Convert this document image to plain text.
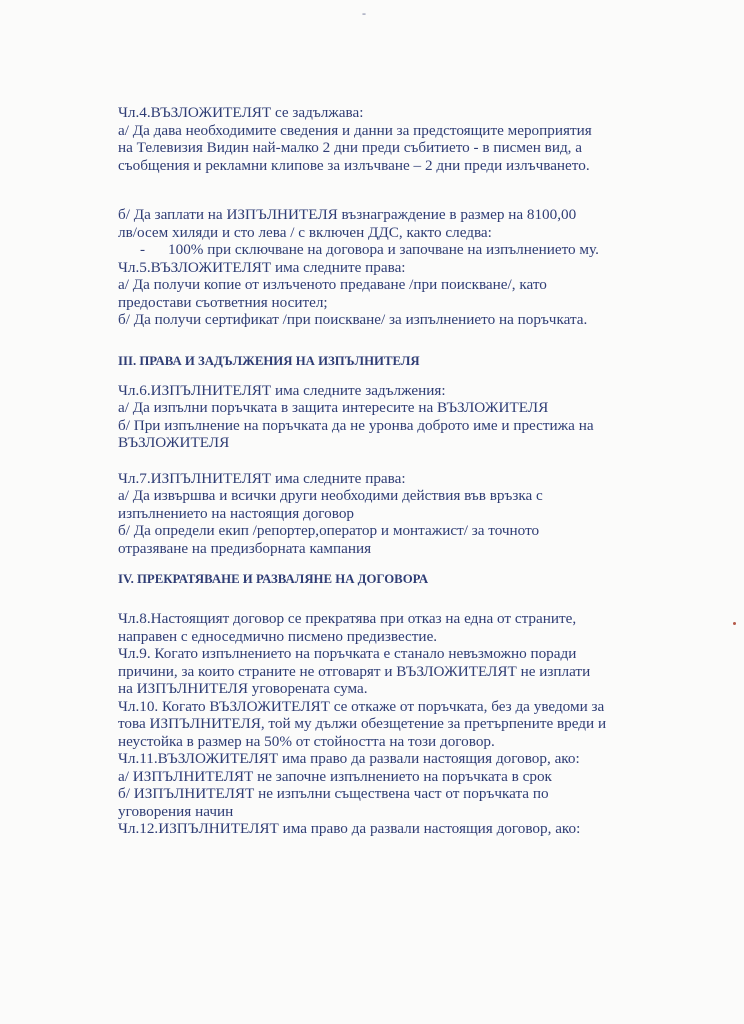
-
Чл.4.ВЪЗЛОЖИТЕЛЯТ се задължава:
а/ Да дава необходимите сведения и данни за предстоящите мероприятия
на Телевизия Видин най-малко 2 дни преди събитието - в писмен вид, а
съобщения и рекламни клипове за излъчване – 2 дни преди излъчването.
б/ Да заплати на ИЗПЪЛНИТЕЛЯ възнаграждение в размер на 8100,00
лв/осем хиляди и сто лева / с включен ДДС, както следва:
- 100% при сключване на договора и започване на изпълнението му.
Чл.5.ВЪЗЛОЖИТЕЛЯТ има следните права:
а/ Да получи копие от излъченото предаване /при поискване/, като
предостави съответния носител;
б/ Да получи сертификат /при поискване/ за изпълнението на поръчката.
III. ПРАВА И ЗАДЪЛЖЕНИЯ НА ИЗПЪЛНИТЕЛЯ
Чл.6.ИЗПЪЛНИТЕЛЯТ има следните задължения:
а/ Да изпълни поръчката в защита интересите на ВЪЗЛОЖИТЕЛЯ
б/ При изпълнение на поръчката да не уронва доброто име и престижа на
ВЪЗЛОЖИТЕЛЯ
Чл.7.ИЗПЪЛНИТЕЛЯТ има следните права:
а/ Да извършва и всички други необходими действия във връзка с
изпълнението на настоящия договор
б/ Да определи екип /репортер,оператор и монтажист/ за точното
отразяване на предизборната кампания
IV. ПРЕКРАТЯВАНЕ И РАЗВАЛЯНЕ НА ДОГОВОРА
Чл.8.Настоящият договор се прекратява при отказ на една от страните,
направен с едноседмично писмено предизвестие.
Чл.9. Когато изпълнението на поръчката е станало невъзможно поради
причини, за които страните не отговарят и ВЪЗЛОЖИТЕЛЯТ не изплати
на ИЗПЪЛНИТЕЛЯ уговорената сума.
Чл.10. Когато ВЪЗЛОЖИТЕЛЯТ се откаже от поръчката, без да уведоми за
това ИЗПЪЛНИТЕЛЯ, той му дължи обезщетение за претърпените вреди и
неустойка в размер на 50% от стойността на този договор.
Чл.11.ВЪЗЛОЖИТЕЛЯТ има право да развали настоящия договор, ако:
а/ ИЗПЪЛНИТЕЛЯТ не започне изпълнението на поръчката в срок
б/ ИЗПЪЛНИТЕЛЯТ не изпълни съществена част от поръчката по
уговорения начин
Чл.12.ИЗПЪЛНИТЕЛЯТ има право да развали настоящия договор, ако:
